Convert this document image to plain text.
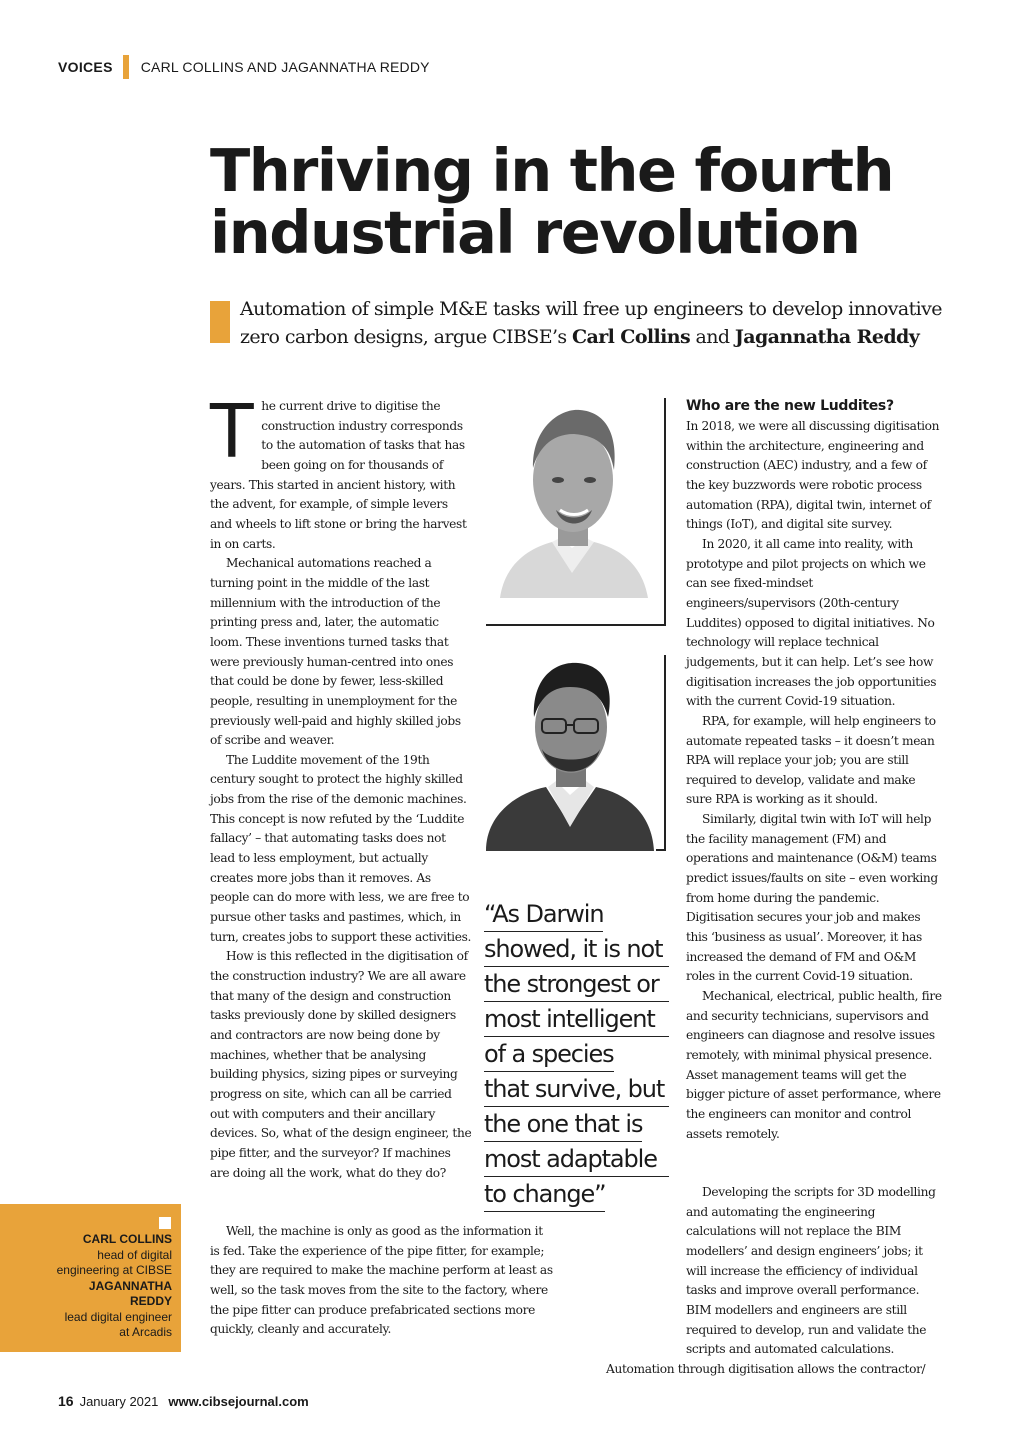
VOICES CARL COLLINS AND JAGANNATHA REDDY
Thriving in the fourth
industrial revolution

Automation of simple M&E tasks will free up engineers to develop innovative
zero carbon designs, argue CIBSE’s Carl Collins and Jagannatha Reddy

The current drive to digitise the construction industry corresponds to the automation of tasks that has been going on for thousands of years. This started in ancient history, with the advent, for example, of simple levers and wheels to lift stone or bring the harvest in on carts.

Mechanical automations reached a turning point in the middle of the last millennium with the introduction of the printing press and, later, the automatic loom. These inventions turned tasks that were previously human-centred into ones that could be done by fewer, less-skilled people, resulting in unemployment for the previously well-paid and highly skilled jobs of scribe and weaver.

The Luddite movement of the 19th century sought to protect the highly skilled jobs from the rise of the demonic machines. This concept is now refuted by the ‘Luddite fallacy’ – that automating tasks does not lead to less employment, but actually creates more jobs than it removes. As people can do more with less, we are free to pursue other tasks and pastimes, which, in turn, creates jobs to support these activities.

How is this reflected in the digitisation of the construction industry? We are all aware that many of the design and construction tasks previously done by skilled designers and contractors are now being done by machines, whether that be analysing building physics, sizing pipes or surveying progress on site, which can all be carried out with computers and their ancillary devices. So, what of the design engineer, the pipe fitter, and the surveyor? If machines are doing all the work, what do they do?

Well, the machine is only as good as the information it is fed. Take the experience of the pipe fitter, for example; they are required to make the machine perform at least as well, so the task moves from the site to the factory, where the pipe fitter can produce prefabricated sections more quickly, cleanly and accurately.

“As Darwin
showed, it is not
the strongest or
most intelligent
of a species
that survive, but
the one that is
most adaptable
to change”
Who are the new Luddites?

In 2018, we were all discussing digitisation within the architecture, engineering and construction (AEC) industry, and a few of the key buzzwords were robotic process automation (RPA), digital twin, internet of things (IoT), and digital site survey.

In 2020, it all came into reality, with prototype and pilot projects on which we can see fixed-mindset engineers/supervisors (20th-century Luddites) opposed to digital initiatives. No technology will replace technical judgements, but it can help. Let’s see how digitisation increases the job opportunities with the current Covid-19 situation.

RPA, for example, will help engineers to automate repeated tasks – it doesn’t mean RPA will replace your job; you are still required to develop, validate and make sure RPA is working as it should.

Similarly, digital twin with IoT will help the facility management (FM) and operations and maintenance (O&M) teams predict issues/faults on site – even working from home during the pandemic. Digitisation secures your job and makes this ‘business as usual’. Moreover, it has increased the demand of FM and O&M roles in the current Covid-19 situation.

Mechanical, electrical, public health, fire and security technicians, supervisors and engineers can diagnose and resolve issues remotely, with minimal physical presence. Asset management teams will get the bigger picture of asset performance, where the engineers can monitor and control assets remotely.

Developing the scripts for 3D modelling and automating the engineering calculations will not replace the BIM modellers’ and design engineers’ jobs; it will increase the efficiency of individual tasks and improve overall performance. BIM modellers and engineers are still required to develop, run and validate the scripts and automated calculations.

Automation through digitisation allows the contractor/

CARL COLLINS
head of digital
engineering at CIBSE
JAGANNATHA
REDDY
lead digital engineer
at Arcadis
16 January 2021 www.cibsejournal.com
